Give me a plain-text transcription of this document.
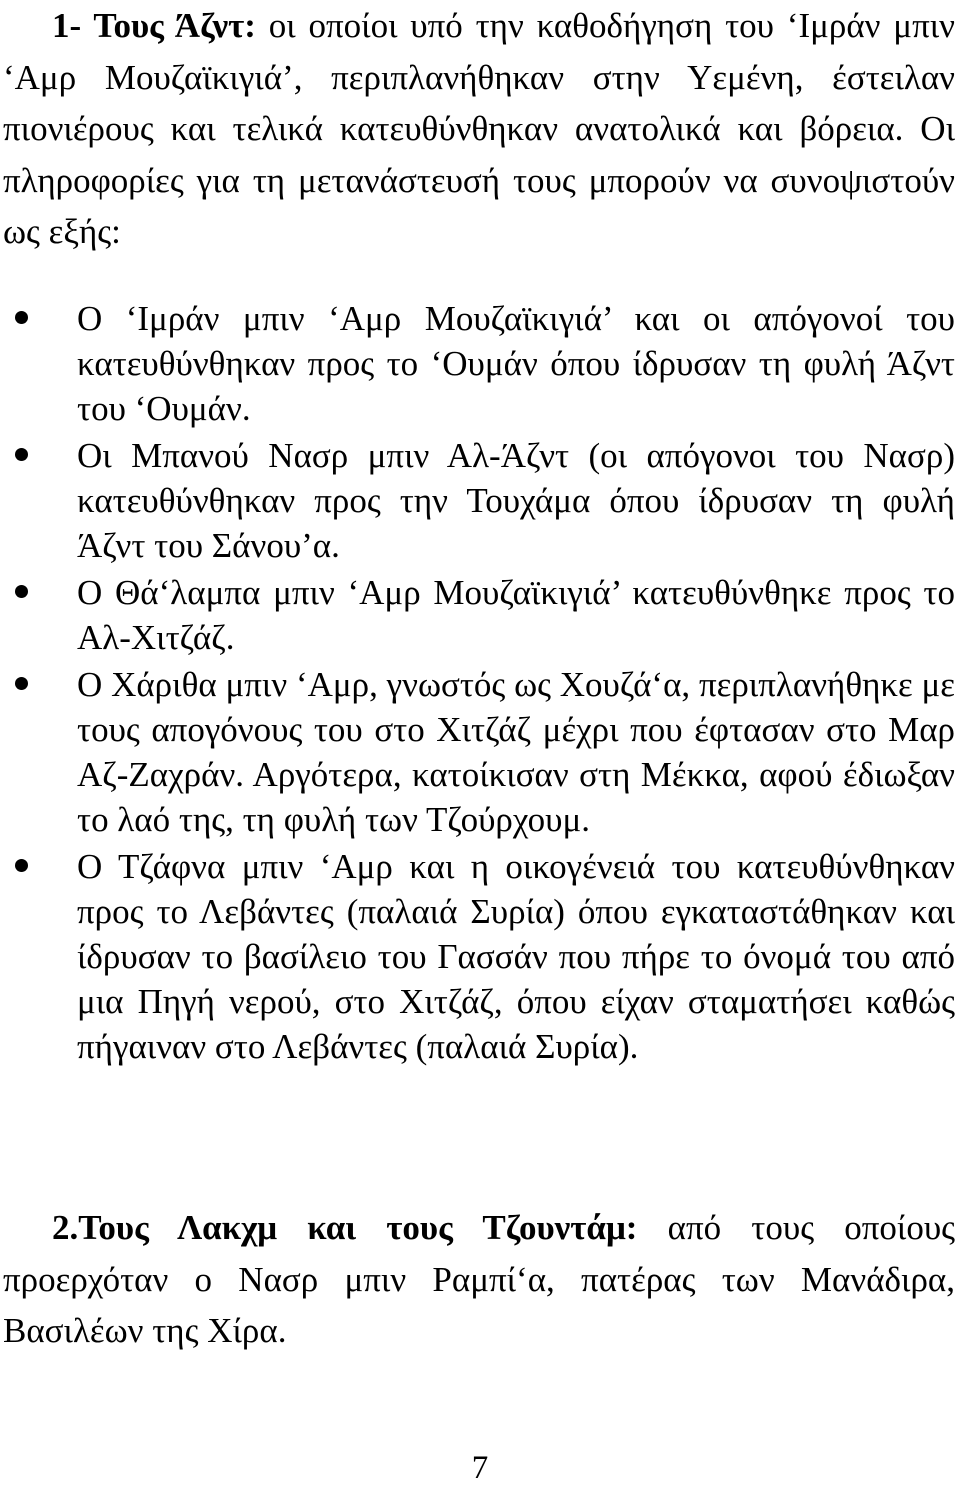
1- Τους Άζντ: οι οποίοι υπό την καθοδήγηση του ‘Ιμράν μπιν ‘Αμρ Μουζαϊκιγιά’, περιπλανήθηκαν στην Υεμένη, έστειλαν πιονιέρους και τελικά κατευθύνθηκαν ανατολικά και βόρεια. Οι πληροφορίες για τη μετανάστευσή τους μπορούν να συνοψιστούν ως εξής:

Ο ‘Ιμράν μπιν ‘Αμρ Μουζαϊκιγιά’ και οι απόγονοί του κατευθύνθηκαν προς το ‘Ουμάν όπου ίδρυσαν τη φυλή Άζντ του ‘Ουμάν.
Οι Μπανού Νασρ μπιν Αλ-Άζντ (οι απόγονοι του Νασρ) κατευθύνθηκαν προς την Τουχάμα όπου ίδρυσαν τη φυλή Άζντ του Σάνου’α.
Ο Θά‘λαμπα μπιν ‘Αμρ Μουζαϊκιγιά’ κατευθύνθηκε προς το Αλ-Χιτζάζ.
Ο Χάριθα μπιν ‘Αμρ, γνωστός ως Χουζά‘α, περιπλανήθηκε με τους απογόνους του στο Χιτζάζ μέχρι που έφτασαν στο Μαρ Αζ-Ζαχράν. Αργότερα, κατοίκισαν στη Μέκκα, αφού έδιωξαν το λαό της, τη φυλή των Τζούρχουμ.
Ο Τζάφνα μπιν ‘Αμρ και η οικογένειά του κατευθύνθηκαν προς το Λεβάντες (παλαιά Συρία) όπου εγκαταστάθηκαν και ίδρυσαν το βασίλειο του Γασσάν που πήρε το όνομά του από μια Πηγή νερού, στο Χιτζάζ, όπου είχαν σταματήσει καθώς πήγαιναν στο Λεβάντες (παλαιά Συρία).

2.Τους Λακχμ και τους Τζουντάμ: από τους οποίους προερχόταν ο Νασρ μπιν Ραμπί‘α, πατέρας των Μανάδιρα, Βασιλέων της Χίρα.

7
